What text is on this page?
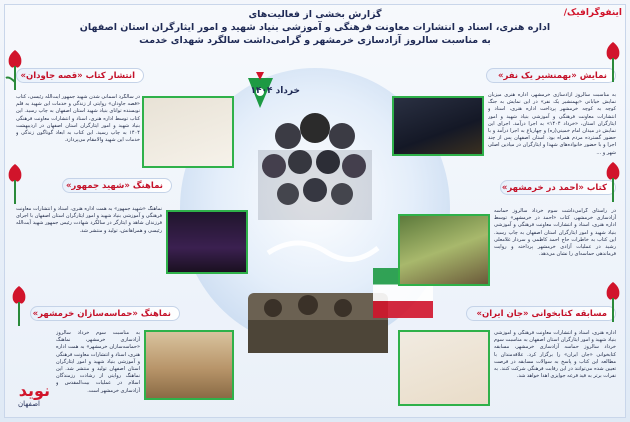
اینفوگرافیک/
گزارش بخشی از فعالیت‌های
اداره هنری، اسناد و انتشارات معاونت فرهنگی و آموزشی بنیاد شهید و امور ایثارگران استان اصفهان
به مناسبت سالروز آزادسازی خرمشهر و گرامی‌داشت سالگرد شهدای خدمت
خرداد ۱۴۰۴
نمایش «بهمنشیر یک نفر»
به مناسبت سالروز آزادسازی خرمشهر، اداره هنری میزبان نمایش خیابانی «بهمنشیر یک نفر» در این نمایش به جنگ کوچه به کوچه خرمشهر پرداخت اداره هنری، اسناد و انتشارات معاونت فرهنگی و آموزشی بنیاد شهید و امور ایثارگران استان، «خرداد ۱۴۰۴» به اجرا درآمد. اجرای این نمایش در میدان امام خمینی(ره) و چهارباغ به اجرا درآمد و با حضور گسترده مردم همراه بود. استان اصفهان پس از چند اجرا و با حضور خانواده‌های شهدا و ایثارگران در میادین اصلی شهر و ...
کتاب «احمد در خرمشهر»
در راستای گرامی‌داشت سوم خرداد سالروز حماسه آزادسازی خرمشهر، کتاب «احمد در خرمشهر» توسط اداره هنری، اسناد و انتشارات معاونت فرهنگی و آموزشی بنیاد شهید و امور ایثارگران استان اصفهان به چاپ رسید. این کتاب به خاطرات حاج احمد کاظمی و سردار غلامعلی رشید در عملیات آزادی خرمشهر پرداخته و روایت فرماندهی حماسه‌ای را نشان می‌دهد.
مسابقه کتابخوانی «جان ایران»
اداره هنری، اسناد و انتشارات معاونت فرهنگی و آموزشی بنیاد شهید و امور ایثارگران استان اصفهان به مناسبت سوم خرداد سالروز حماسه آزادسازی خرمشهر، مسابقه کتابخوانی «جان ایران» را برگزار کرد. علاقه‌مندان با مطالعه این کتاب و پاسخ به سوالات مسابقه در فرصت تعیین شده می‌توانند در این رقابت فرهنگی شرکت کنند. به نفرات برتر به قید قرعه جوایزی اهدا خواهد شد.
انتشار کتاب «قصه جاودان»
در سالگرد آسمانی شدن شهید جمهور آیت‌الله رئیسی، کتاب «قصه جاودان» روایتی از زندگی و خدمات این شهید به قلم نویسنده توانای بنیاد شهید استان اصفهان به چاپ رسید. این کتاب توسط اداره هنری، اسناد و انتشارات معاونت فرهنگی بنیاد شهید و امور ایثارگران استان اصفهان در اردیبهشت ۱۴۰۴ به چاپ رسید. این کتاب به ابعاد گوناگون زندگی و خدمات این شهید والامقام می‌پردازد.
نماهنگ «شهید جمهور»
نماهنگ «شهید جمهور» به همت اداره هنری، اسناد و انتشارات معاونت فرهنگی و آموزشی بنیاد شهید و امور ایثارگران استان اصفهان با اجرای فرزندان شاهد و ایثارگر در سالگرد شهادت رئیس جمهور شهید آیت‌الله رئیسی و همراهانش، تولید و منتشر شد.
نماهنگ «حماسه‌سازان خرمشهر»
به مناسبت سوم خرداد سالروز آزادسازی خرمشهر، نماهنگ «حماسه‌سازان خرمشهر» به همت اداره هنری، اسناد و انتشارات معاونت فرهنگی و آموزشی بنیاد شهید و امور ایثارگران استان اصفهان تولید و منتشر شد. این نماهنگ روایتی از رشادت رزمندگان اسلام در عملیات بیت‌المقدس و آزادسازی خرمشهر است.
نوید
اصفهان
